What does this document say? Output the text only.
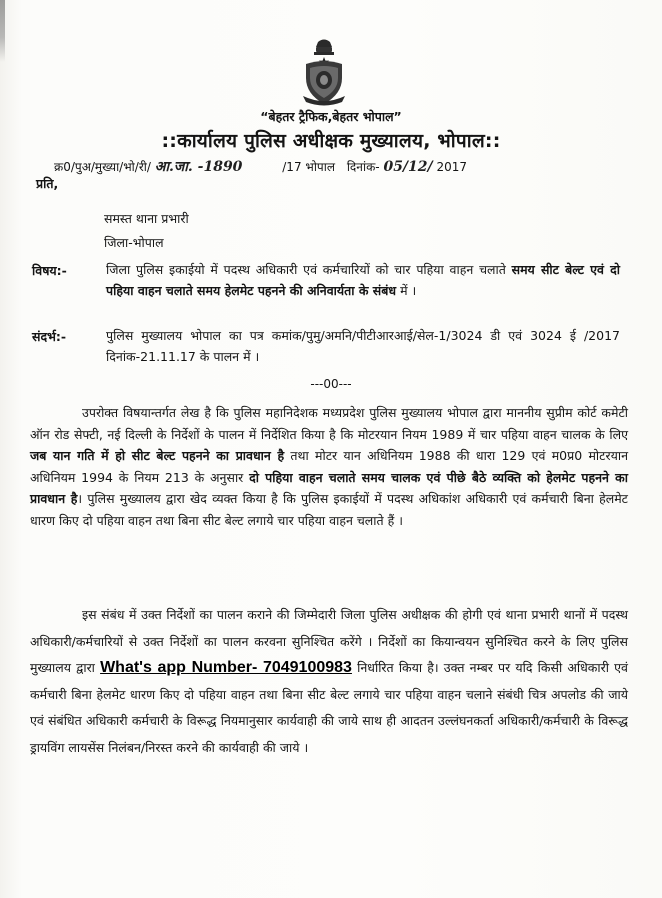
“बेहतर ट्रैफिक,बेहतर भोपाल”
::कार्यालय पुलिस अधीक्षक मुख्यालय, भोपाल::
क्र0/पुअ/मुख्या/भो/री/ आ.जा. -1890	/17 भोपाल दिनांक- 05/12/ 2017
प्रति,
समस्त थाना प्रभारी
जिला-भोपाल
विषय:-	जिला पुलिस इकाईयो में पदस्थ अधिकारी एवं कर्मचारियों को चार पहिया वाहन चलाते समय सीट बेल्ट एवं दो पहिया वाहन चलाते समय हेलमेट पहनने की अनिवार्यता के संबंध में ।
संदर्भ:-	पुलिस मुख्यालय भोपाल का पत्र कमांक/पुमु/अमनि/पीटीआरआई/सेल-1/3024 डी एवं 3024 ई /2017 दिनांक-21.11.17 के पालन में ।
---00---
उपरोक्त विषयान्तर्गत लेख है कि पुलिस महानिदेशक मध्यप्रदेश पुलिस मुख्यालय भोपाल द्वारा माननीय सुप्रीम कोर्ट कमेटी ऑन रोड सेफ्टी, नई दिल्ली के निर्देशों के पालन में निर्देशित किया है कि मोटरयान नियम 1989 में चार पहिया वाहन चालक के लिए जब यान गति में हो सीट बेल्ट पहनने का प्रावधान है तथा मोटर यान अधिनियम 1988 की धारा 129 एवं म0प्र0 मोटरयान अधिनियम 1994 के नियम 213 के अनुसार दो पहिया वाहन चलाते समय चालक एवं पीछे बैठे व्यक्ति को हेलमेट पहनने का प्रावधान है। पुलिस मुख्यालय द्वारा खेद व्यक्त किया है कि पुलिस इकाईयों में पदस्थ अधिकांश अधिकारी एवं कर्मचारी बिना हेलमेट धारण किए दो पहिया वाहन तथा बिना सीट बेल्ट लगाये चार पहिया वाहन चलाते हैं ।
इस संबंध में उक्त निर्देशों का पालन कराने की जिम्मेदारी जिला पुलिस अधीक्षक की होगी एवं थाना प्रभारी थानों में पदस्थ अधिकारी/कर्मचारियों से उक्त निर्देशों का पालन करवना सुनिश्चित करेंगे । निर्देशों का कियान्वयन सुनिश्चित करने के लिए पुलिस मुख्यालय द्वारा What's app Number- 7049100983 निर्धारित किया है। उक्त नम्बर पर यदि किसी अधिकारी एवं कर्मचारी बिना हेलमेट धारण किए दो पहिया वाहन तथा बिना सीट बेल्ट लगाये चार पहिया वाहन चलाने संबंधी चित्र अपलोड की जाये एवं संबंधित अधिकारी कर्मचारी के विरूद्ध नियमानुसार कार्यवाही की जाये साथ ही आदतन उल्लंघनकर्ता अधिकारी/कर्मचारी के विरूद्ध ड्रायविंग लायसेंस निलंबन/निरस्त करने की कार्यवाही की जाये ।
